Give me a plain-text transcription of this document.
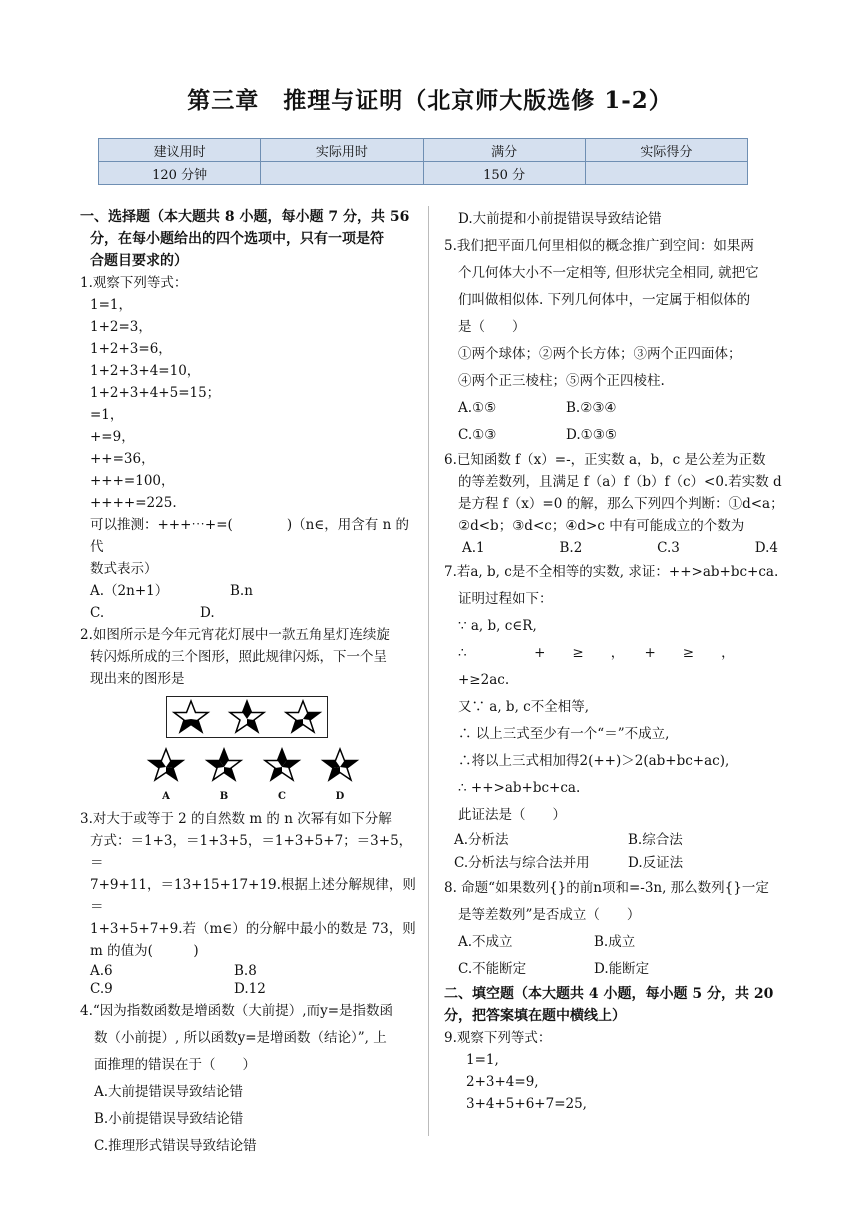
第三章　推理与证明（北京师大版选修 1-2）
建议用时	实际用时	满分	实际得分
120 分钟		150 分	
一、选择题（本大题共 8 小题，每小题 7 分，共 56
分，在每小题给出的四个选项中，只有一项是符
合题目要求的）
1.观察下列等式：
1=1，
1+2=3，
1+2+3=6，
1+2+3+4=10，
1+2+3+4+5=15；
=1，
+=9，
++=36，
+++=100，
++++=225.
可以推测：+++⋯+=(　　　　)（n∈，用含有 n 的代
数式表示）
A.（2n+1）	B.n
C.	D.
2.如图所示是今年元宵花灯展中一款五角星灯连续旋
转闪烁所成的三个图形，照此规律闪烁，下一个呈
现出来的图形是
A	B	C	D
3.对大于或等于 2 的自然数 m 的 n 次幂有如下分解
方式：＝1+3，＝1+3+5，＝1+3+5+7；＝3+5，＝
7+9+11，＝13+15+17+19.根据上述分解规律，则＝
1+3+5+7+9.若（m∈）的分解中最小的数是 73，则
m 的值为(　　　)
A.6	B.8
C.9	D.12
4.“因为指数函数是增函数（大前提）,而y=是指数函
数（小前提）, 所以函数y=是增函数（结论）”, 上
面推理的错误在于（　　）
A.大前提错误导致结论错
B.小前提错误导致结论错
C.推理形式错误导致结论错
D.大前提和小前提错误导致结论错
5.我们把平面几何里相似的概念推广到空间：如果两
个几何体大小不一定相等, 但形状完全相同, 就把它
们叫做相似体. 下列几何体中，一定属于相似体的
是（　　）
①两个球体；②两个长方体；③两个正四面体；
④两个正三棱柱；⑤两个正四棱柱.
A.①⑤	B.②③④
C.①③	D.①③⑤
6.已知函数 f（x）=-，正实数 a，b，c 是公差为正数
的等差数列，且满足 f（a）f（b）f（c）<0.若实数 d
是方程 f（x）=0 的解，那么下列四个判断：①d<a；
②d<b；③d<c；④d>c 中有可能成立的个数为
A.1	B.2	C.3	D.4
7.若a, b, c是不全相等的实数, 求证：++>ab+bc+ca.
证明过程如下：
∵ a, b, c∈R,
∴　　　　　+　　≥　　，　　+　　≥　　，
+≥2ac.
又∵ a, b, c不全相等,
∴ 以上三式至少有一个“＝”不成立,
∴将以上三式相加得2(++)＞2(ab+bc+ac),
∴ ++>ab+bc+ca.
此证法是（　　）
A.分析法	B.综合法
C.分析法与综合法并用	D.反证法
8. 命题“如果数列{}的前n项和=-3n, 那么数列{}一定
是等差数列”是否成立（　　）
A.不成立	B.成立
C.不能断定	D.能断定
二、填空题（本大题共 4 小题，每小题 5 分，共 20
分，把答案填在题中横线上）
9.观察下列等式：
1=1,
2+3+4=9,
3+4+5+6+7=25,
